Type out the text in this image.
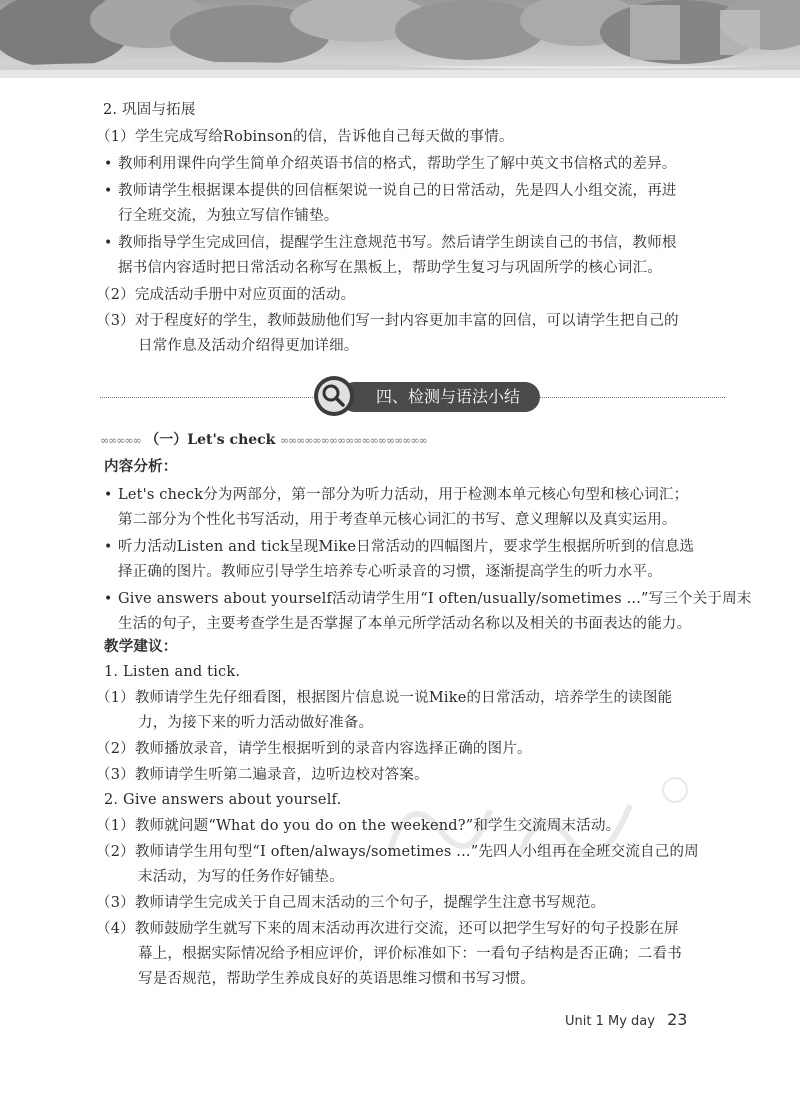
2. 巩固与拓展
（1）学生完成写给Robinson的信，告诉他自己每天做的事情。
• 教师利用课件向学生简单介绍英语书信的格式，帮助学生了解中英文书信格式的差异。
• 教师请学生根据课本提供的回信框架说一说自己的日常活动，先是四人小组交流，再进
行全班交流，为独立写信作铺垫。
• 教师指导学生完成回信，提醒学生注意规范书写。然后请学生朗读自己的书信，教师根
据书信内容适时把日常活动名称写在黑板上，帮助学生复习与巩固所学的核心词汇。
（2）完成活动手册中对应页面的活动。
（3）对于程度好的学生，教师鼓励他们写一封内容更加丰富的回信，可以请学生把自己的
日常作息及活动介绍得更加详细。
四、检测与语法小结
∞∞∞∞∞ （一）Let's check ∞∞∞∞∞∞∞∞∞∞∞∞∞∞∞∞∞∞
内容分析：
• Let's check分为两部分，第一部分为听力活动，用于检测本单元核心句型和核心词汇；
第二部分为个性化书写活动，用于考查单元核心词汇的书写、意义理解以及真实运用。
• 听力活动Listen and tick呈现Mike日常活动的四幅图片，要求学生根据所听到的信息选
择正确的图片。教师应引导学生培养专心听录音的习惯，逐渐提高学生的听力水平。
• Give answers about yourself活动请学生用“I often/usually/sometimes ...”写三个关于周末
生活的句子，主要考查学生是否掌握了本单元所学活动名称以及相关的书面表达的能力。
教学建议：
1. Listen and tick.
（1）教师请学生先仔细看图，根据图片信息说一说Mike的日常活动，培养学生的读图能
力，为接下来的听力活动做好准备。
（2）教师播放录音，请学生根据听到的录音内容选择正确的图片。
（3）教师请学生听第二遍录音，边听边校对答案。
2. Give answers about yourself.
（1）教师就问题“What do you do on the weekend?”和学生交流周末活动。
（2）教师请学生用句型“I often/always/sometimes ...”先四人小组再在全班交流自己的周
末活动，为写的任务作好铺垫。
（3）教师请学生完成关于自己周末活动的三个句子，提醒学生注意书写规范。
（4）教师鼓励学生就写下来的周末活动再次进行交流，还可以把学生写好的句子投影在屏
幕上，根据实际情况给予相应评价，评价标准如下：一看句子结构是否正确；二看书
写是否规范，帮助学生养成良好的英语思维习惯和书写习惯。
Unit 1 My day 23
